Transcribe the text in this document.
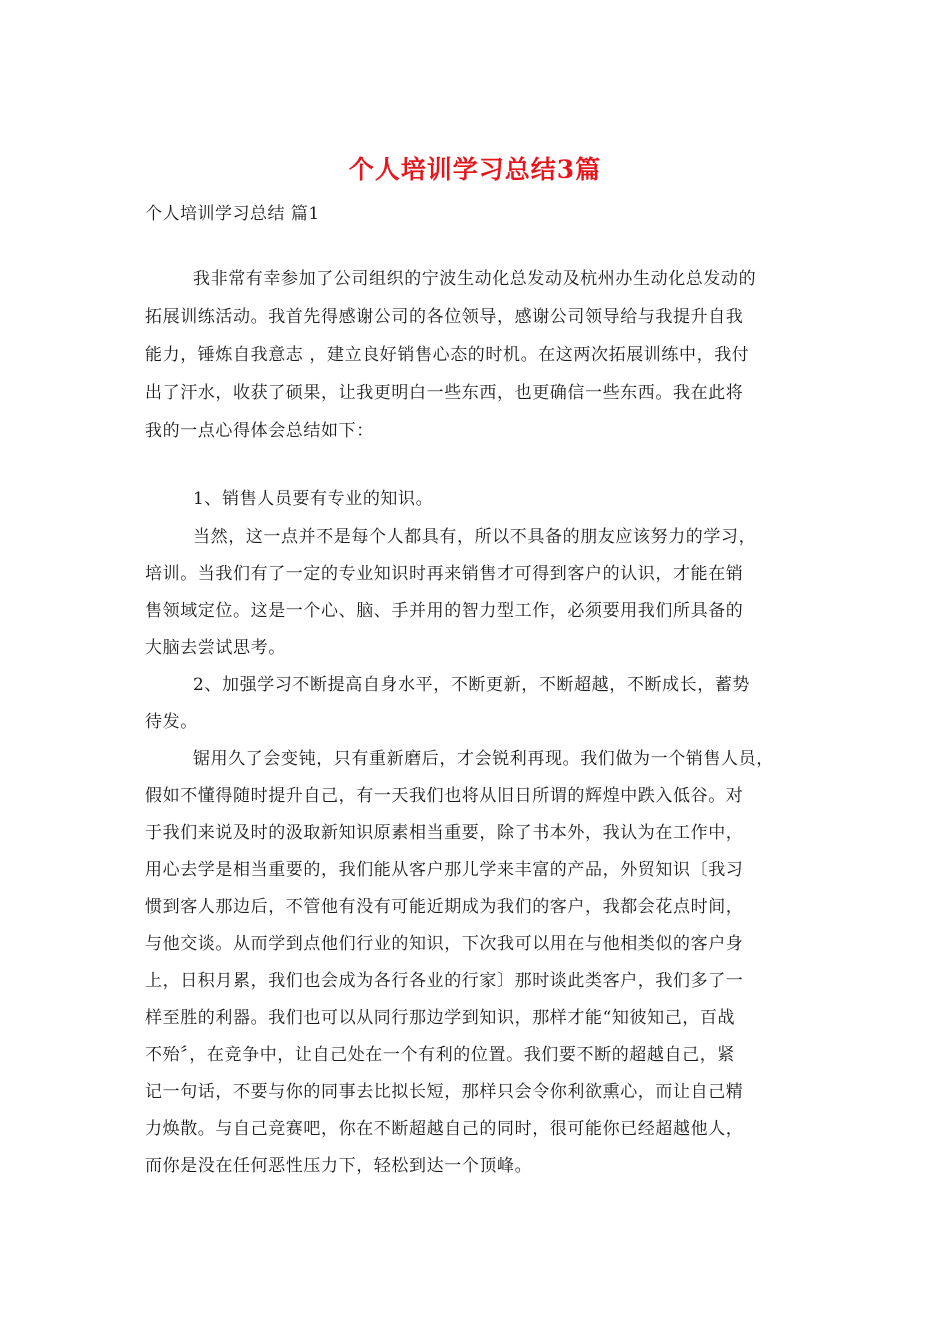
个人培训学习总结3篇
个人培训学习总结 篇1
我非常有幸参加了公司组织的宁波生动化总发动及杭州办生动化总发动的
拓展训练活动。我首先得感谢公司的各位领导，感谢公司领导给与我提升自我
能力，锤炼自我意志 ，建立良好销售心态的时机。在这两次拓展训练中，我付
出了汗水，收获了硕果，让我更明白一些东西，也更确信一些东西。我在此将
我的一点心得体会总结如下：
1、销售人员要有专业的知识。
当然，这一点并不是每个人都具有，所以不具备的朋友应该努力的学习，
培训。当我们有了一定的专业知识时再来销售才可得到客户的认识，才能在销
售领域定位。这是一个心、脑、手并用的智力型工作，必须要用我们所具备的
大脑去尝试思考。
2、加强学习不断提高自身水平，不断更新，不断超越，不断成长，蓄势
待发。
锯用久了会变钝，只有重新磨后，才会锐利再现。我们做为一个销售人员，
假如不懂得随时提升自己，有一天我们也将从旧日所谓的辉煌中跌入低谷。对
于我们来说及时的汲取新知识原素相当重要，除了书本外，我认为在工作中，
用心去学是相当重要的，我们能从客户那儿学来丰富的产品，外贸知识〔我习
惯到客人那边后，不管他有没有可能近期成为我们的客户，我都会花点时间，
与他交谈。从而学到点他们行业的知识，下次我可以用在与他相类似的客户身
上，日积月累，我们也会成为各行各业的行家〕那时谈此类客户，我们多了一
样至胜的利器。我们也可以从同行那边学到知识，那样才能“知彼知己，百战
不殆〞，在竞争中，让自己处在一个有利的位置。我们要不断的超越自己，紧
记一句话，不要与你的同事去比拟长短，那样只会令你利欲熏心，而让自己精
力焕散。与自己竞赛吧，你在不断超越自己的同时，很可能你已经超越他人，
而你是没在任何恶性压力下，轻松到达一个顶峰。
